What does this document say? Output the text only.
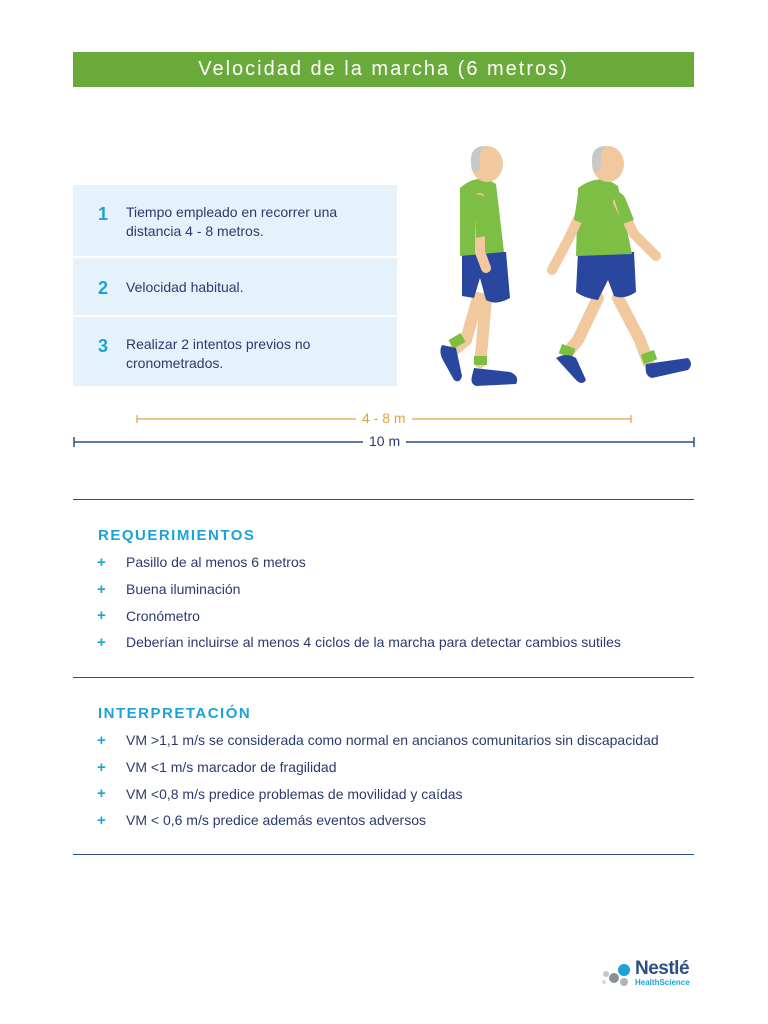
Velocidad de la marcha (6 metros)
1	Tiempo empleado en recorrer una distancia 4 - 8 metros.
2	Velocidad habitual.
3	Realizar 2 intentos previos no cronometrados.
4 - 8 m
10 m
REQUERIMIENTOS
+	Pasillo de al menos 6 metros
+	Buena iluminación
+	Cronómetro
+	Deberían incluirse al menos 4 ciclos de la marcha para detectar cambios sutiles
INTERPRETACIÓN
+	VM >1,1 m/s se considerada como normal en ancianos comunitarios sin discapacidad
+	VM <1 m/s marcador de fragilidad
+	VM <0,8 m/s predice problemas de movilidad y caídas
+	VM < 0,6 m/s predice además eventos adversos
Nestlé
HealthScience
